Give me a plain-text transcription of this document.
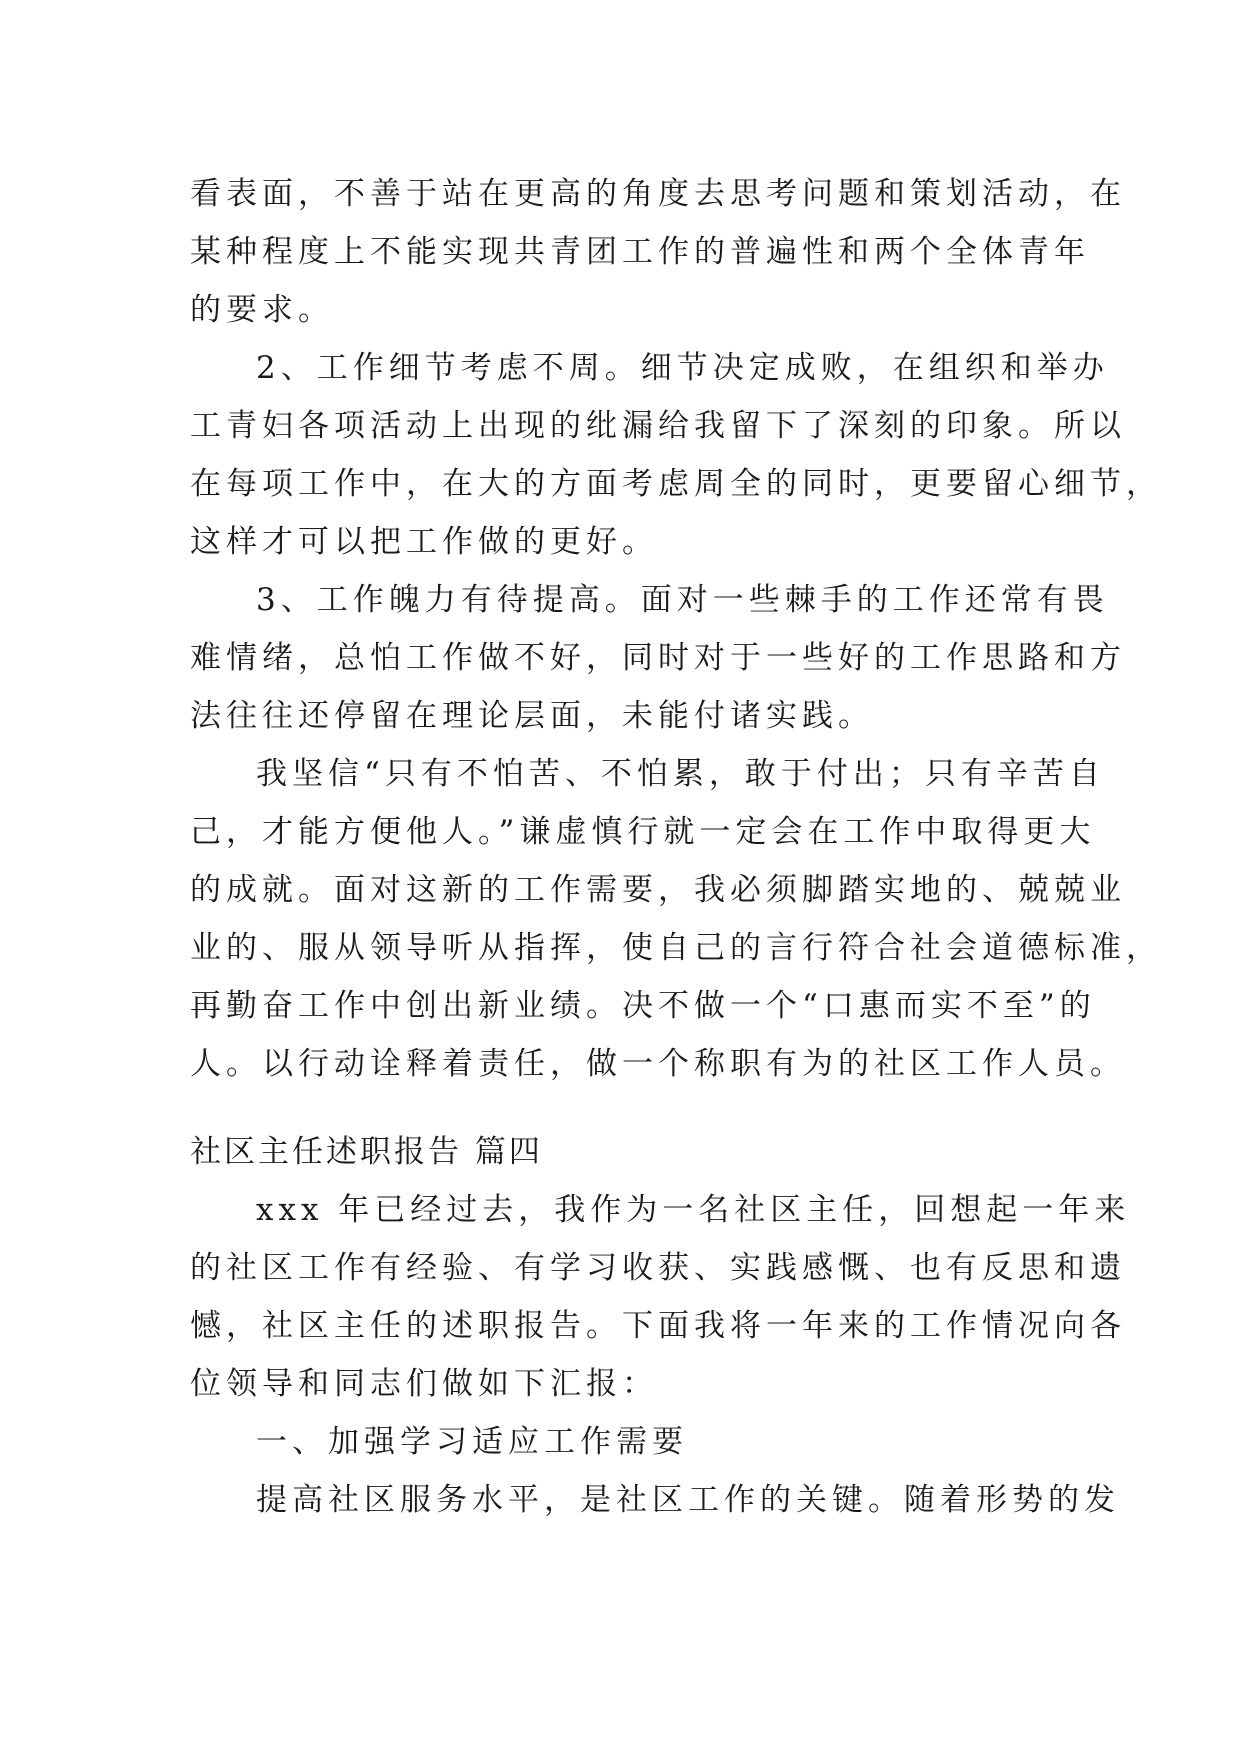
看表面，不善于站在更高的角度去思考问题和策划活动，在
某种程度上不能实现共青团工作的普遍性和两个全体青年
的要求。
2、工作细节考虑不周。细节决定成败，在组织和举办
工青妇各项活动上出现的纰漏给我留下了深刻的印象。所以
在每项工作中，在大的方面考虑周全的同时，更要留心细节，
这样才可以把工作做的更好。
3、工作魄力有待提高。面对一些棘手的工作还常有畏
难情绪，总怕工作做不好，同时对于一些好的工作思路和方
法往往还停留在理论层面，未能付诸实践。
我坚信“只有不怕苦、不怕累，敢于付出；只有辛苦自
己，才能方便他人。”谦虚慎行就一定会在工作中取得更大
的成就。面对这新的工作需要，我必须脚踏实地的、兢兢业
业的、服从领导听从指挥，使自己的言行符合社会道德标准，
再勤奋工作中创出新业绩。决不做一个“口惠而实不至”的
人。以行动诠释着责任，做一个称职有为的社区工作人员。
社区主任述职报告 篇四
xxx 年已经过去，我作为一名社区主任，回想起一年来
的社区工作有经验、有学习收获、实践感慨、也有反思和遗
憾，社区主任的述职报告。下面我将一年来的工作情况向各
位领导和同志们做如下汇报：
一、加强学习适应工作需要
提高社区服务水平，是社区工作的关键。随着形势的发
